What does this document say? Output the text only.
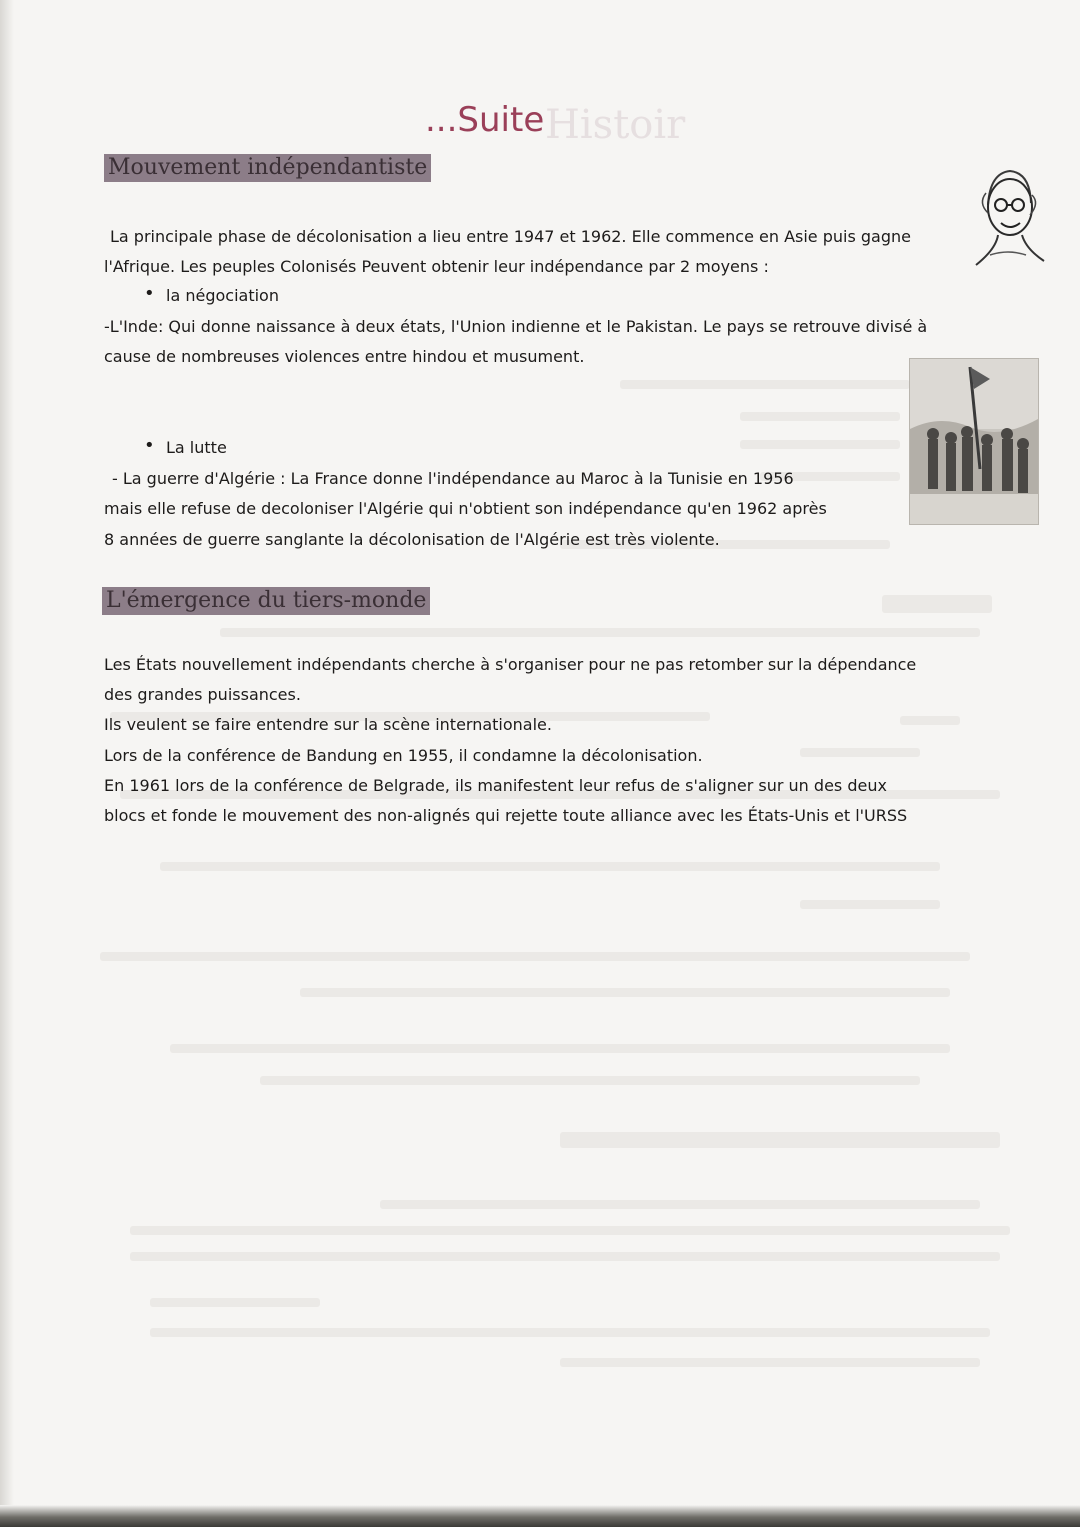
Histoir
...Suite
Mouvement indépendantiste
La principale phase de décolonisation a lieu entre 1947 et 1962. Elle commence en Asie puis gagne
l'Afrique. Les peuples Colonisés Peuvent obtenir leur indépendance par 2 moyens :
• la négociation
-L'Inde: Qui donne naissance à deux états, l'Union indienne et le Pakistan. Le pays se retrouve divisé à
cause de nombreuses violences entre hindou et musument.
• La lutte
- La guerre d'Algérie : La France donne l'indépendance au Maroc à la Tunisie en 1956
mais elle refuse de decoloniser l'Algérie qui n'obtient son indépendance qu'en 1962 après
8 années de guerre sanglante la décolonisation de l'Algérie est très violente.
L'émergence du tiers-monde
Les États nouvellement indépendants cherche à s'organiser pour ne pas retomber sur la dépendance
des grandes puissances.
Ils veulent se faire entendre sur la scène internationale.
Lors de la conférence de Bandung en 1955, il condamne la décolonisation.
En 1961 lors de la conférence de Belgrade, ils manifestent leur refus de s'aligner sur un des deux
blocs et fonde le mouvement des non-alignés qui rejette toute alliance avec les États-Unis et l'URSS
